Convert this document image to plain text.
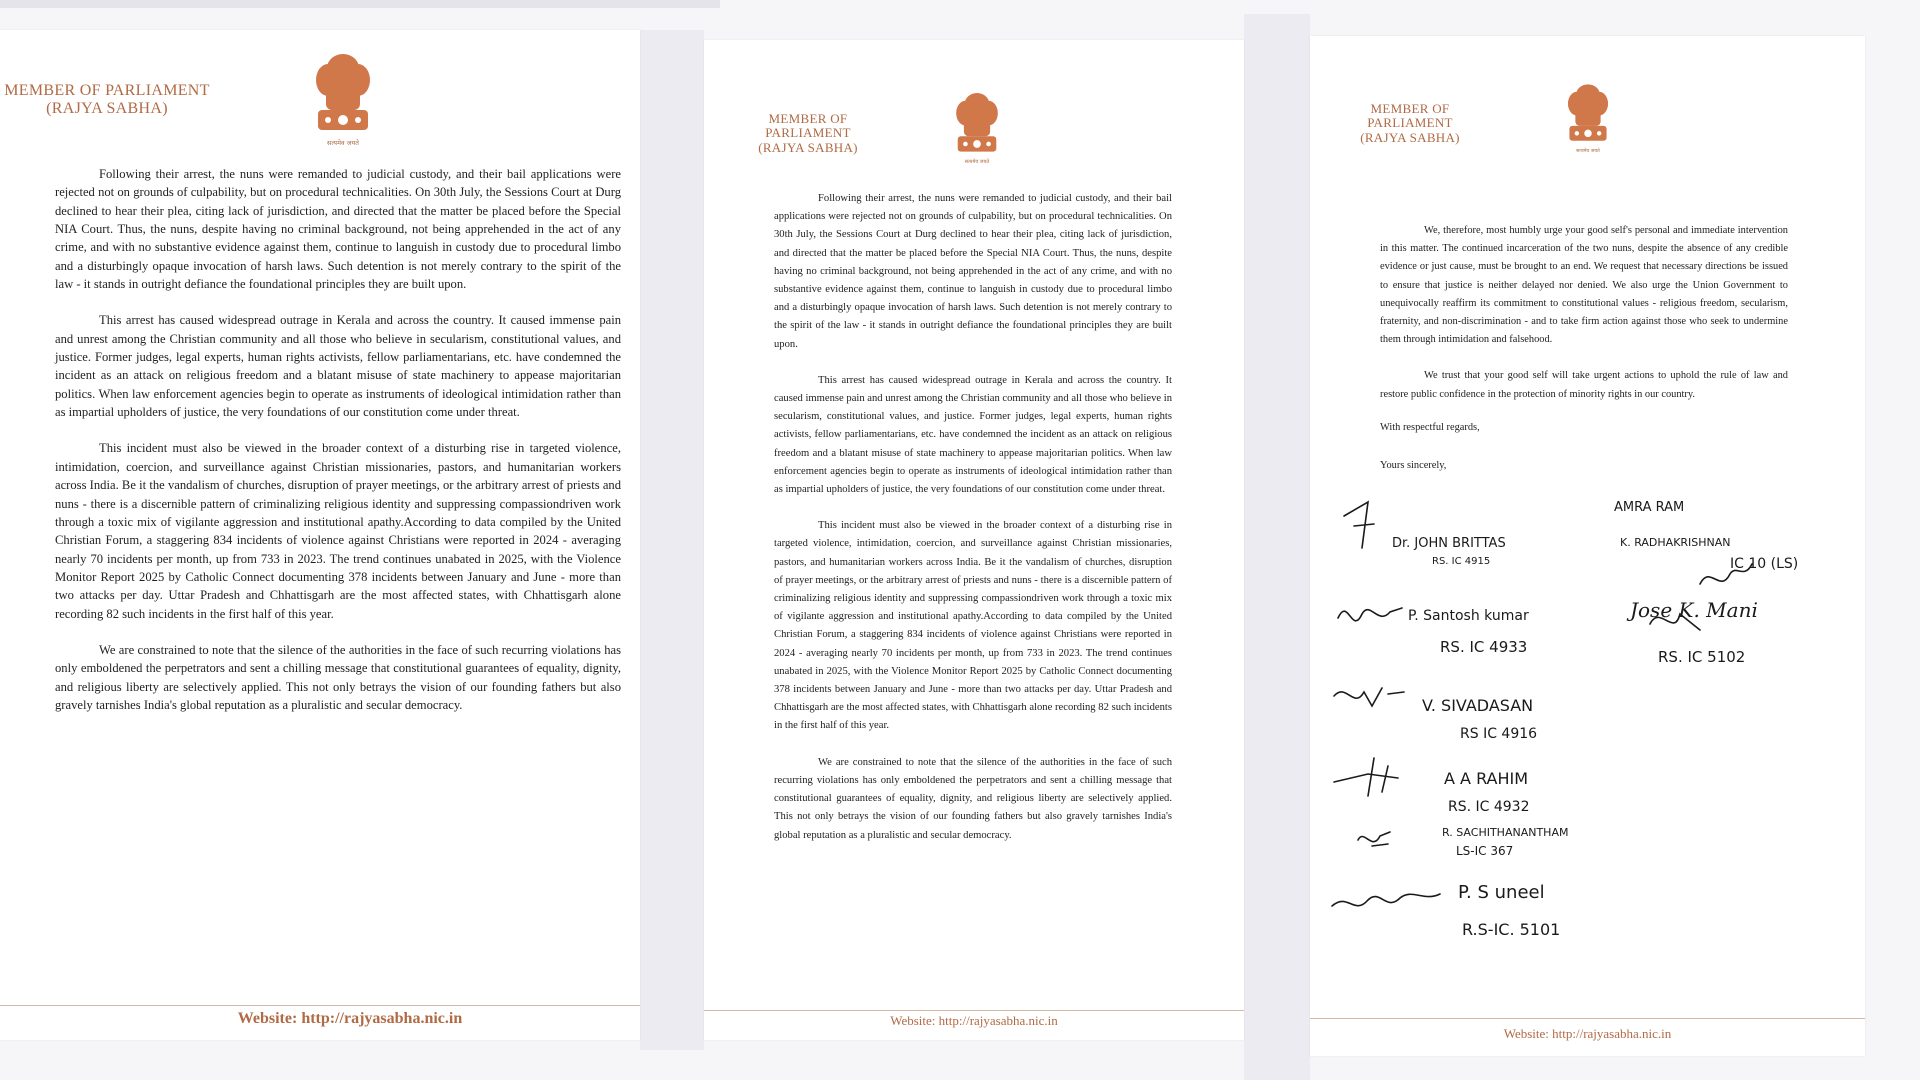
MEMBER OF PARLIAMENT
(RAJYA SABHA)
सत्यमेव जयते

Following their arrest, the nuns were remanded to judicial custody, and their bail applications were rejected not on grounds of culpability, but on procedural technicalities. On 30th July, the Sessions Court at Durg declined to hear their plea, citing lack of jurisdiction, and directed that the matter be placed before the Special NIA Court. Thus, the nuns, despite having no criminal background, not being apprehended in the act of any crime, and with no substantive evidence against them, continue to languish in custody due to procedural limbo and a disturbingly opaque invocation of harsh laws. Such detention is not merely contrary to the spirit of the law - it stands in outright defiance the foundational principles they are built upon.

This arrest has caused widespread outrage in Kerala and across the country. It caused immense pain and unrest among the Christian community and all those who believe in secularism, constitutional values, and justice. Former judges, legal experts, human rights activists, fellow parliamentarians, etc. have condemned the incident as an attack on religious freedom and a blatant misuse of state machinery to appease majoritarian politics. When law enforcement agencies begin to operate as instruments of ideological intimidation rather than as impartial upholders of justice, the very foundations of our constitution come under threat.

This incident must also be viewed in the broader context of a disturbing rise in targeted violence, intimidation, coercion, and surveillance against Christian missionaries, pastors, and humanitarian workers across India. Be it the vandalism of churches, disruption of prayer meetings, or the arbitrary arrest of priests and nuns - there is a discernible pattern of criminalizing religious identity and suppressing compassiondriven work through a toxic mix of vigilante aggression and institutional apathy.According to data compiled by the United Christian Forum, a staggering 834 incidents of violence against Christians were reported in 2024 - averaging nearly 70 incidents per month, up from 733 in 2023. The trend continues unabated in 2025, with the Violence Monitor Report 2025 by Catholic Connect documenting 378 incidents between January and June - more than two attacks per day. Uttar Pradesh and Chhattisgarh are the most affected states, with Chhattisgarh alone recording 82 such incidents in the first half of this year.

We are constrained to note that the silence of the authorities in the face of such recurring violations has only emboldened the perpetrators and sent a chilling message that constitutional guarantees of equality, dignity, and religious liberty are selectively applied. This not only betrays the vision of our founding fathers but also gravely tarnishes India's global reputation as a pluralistic and secular democracy.

Website: http://rajyasabha.nic.in
MEMBER OF PARLIAMENT
(RAJYA SABHA)
सत्यमेव जयते

Following their arrest, the nuns were remanded to judicial custody, and their bail applications were rejected not on grounds of culpability, but on procedural technicalities. On 30th July, the Sessions Court at Durg declined to hear their plea, citing lack of jurisdiction, and directed that the matter be placed before the Special NIA Court. Thus, the nuns, despite having no criminal background, not being apprehended in the act of any crime, and with no substantive evidence against them, continue to languish in custody due to procedural limbo and a disturbingly opaque invocation of harsh laws. Such detention is not merely contrary to the spirit of the law - it stands in outright defiance the foundational principles they are built upon.

This arrest has caused widespread outrage in Kerala and across the country. It caused immense pain and unrest among the Christian community and all those who believe in secularism, constitutional values, and justice. Former judges, legal experts, human rights activists, fellow parliamentarians, etc. have condemned the incident as an attack on religious freedom and a blatant misuse of state machinery to appease majoritarian politics. When law enforcement agencies begin to operate as instruments of ideological intimidation rather than as impartial upholders of justice, the very foundations of our constitution come under threat.

This incident must also be viewed in the broader context of a disturbing rise in targeted violence, intimidation, coercion, and surveillance against Christian missionaries, pastors, and humanitarian workers across India. Be it the vandalism of churches, disruption of prayer meetings, or the arbitrary arrest of priests and nuns - there is a discernible pattern of criminalizing religious identity and suppressing compassiondriven work through a toxic mix of vigilante aggression and institutional apathy.According to data compiled by the United Christian Forum, a staggering 834 incidents of violence against Christians were reported in 2024 - averaging nearly 70 incidents per month, up from 733 in 2023. The trend continues unabated in 2025, with the Violence Monitor Report 2025 by Catholic Connect documenting 378 incidents between January and June - more than two attacks per day. Uttar Pradesh and Chhattisgarh are the most affected states, with Chhattisgarh alone recording 82 such incidents in the first half of this year.

We are constrained to note that the silence of the authorities in the face of such recurring violations has only emboldened the perpetrators and sent a chilling message that constitutional guarantees of equality, dignity, and religious liberty are selectively applied. This not only betrays the vision of our founding fathers but also gravely tarnishes India's global reputation as a pluralistic and secular democracy.

Website: http://rajyasabha.nic.in
MEMBER OF PARLIAMENT
(RAJYA SABHA)
सत्यमेव जयते

We, therefore, most humbly urge your good self's personal and immediate intervention in this matter. The continued incarceration of the two nuns, despite the absence of any credible evidence or just cause, must be brought to an end. We request that necessary directions be issued to ensure that justice is neither delayed nor denied. We also urge the Union Government to unequivocally reaffirm its commitment to constitutional values - religious freedom, secularism, fraternity, and non-discrimination - and to take firm action against those who seek to undermine them through intimidation and falsehood.

We trust that your good self will take urgent actions to uphold the rule of law and restore public confidence in the protection of minority rights in our country.

With respectful regards,
Yours sincerely,
Dr. JOHN BRITTAS
RS. IC 4915
P. Santosh kumar
RS. IC 4933
V. SIVADASAN
RS IC 4916
A A RAHIM
RS. IC 4932
R. SACHITHANANTHAM
LS-IC 367
P. S uneel
R.S-IC. 5101
AMRA RAM
K. RADHAKRISHNAN
IC 10 (LS)
Jose K. Mani
RS. IC 5102
Website: http://rajyasabha.nic.in
